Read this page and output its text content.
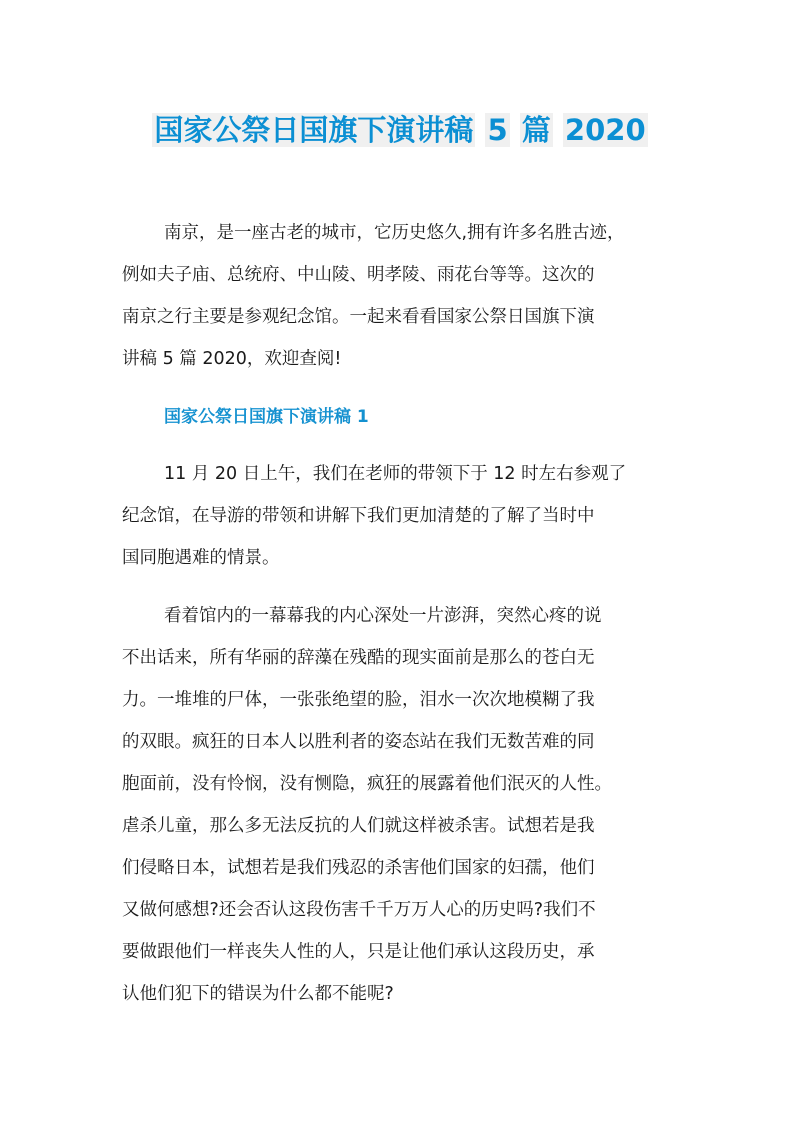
国家公祭日国旗下演讲稿 5 篇 2020
南京，是一座古老的城市，它历史悠久,拥有许多名胜古迹，
例如夫子庙、总统府、中山陵、明孝陵、雨花台等等。这次的
南京之行主要是参观纪念馆。一起来看看国家公祭日国旗下演
讲稿 5 篇 2020，欢迎查阅!
国家公祭日国旗下演讲稿 1
11 月 20 日上午，我们在老师的带领下于 12 时左右参观了
纪念馆，在导游的带领和讲解下我们更加清楚的了解了当时中
国同胞遇难的情景。
看着馆内的一幕幕我的内心深处一片澎湃，突然心疼的说
不出话来，所有华丽的辞藻在残酷的现实面前是那么的苍白无
力。一堆堆的尸体，一张张绝望的脸，泪水一次次地模糊了我
的双眼。疯狂的日本人以胜利者的姿态站在我们无数苦难的同
胞面前，没有怜悯，没有恻隐，疯狂的展露着他们泯灭的人性。
虐杀儿童，那么多无法反抗的人们就这样被杀害。试想若是我
们侵略日本，试想若是我们残忍的杀害他们国家的妇孺，他们
又做何感想?还会否认这段伤害千千万万人心的历史吗?我们不
要做跟他们一样丧失人性的人，只是让他们承认这段历史，承
认他们犯下的错误为什么都不能呢?
